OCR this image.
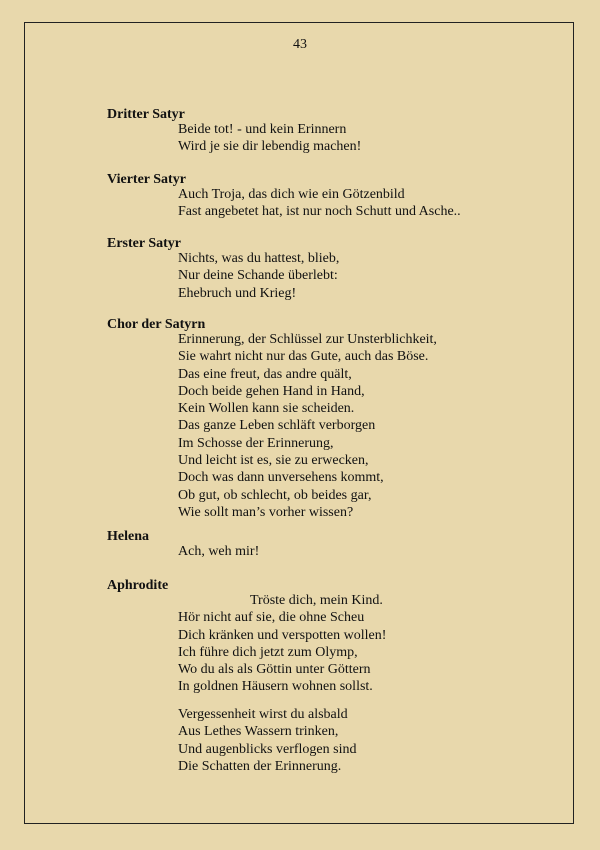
43
Dritter Satyr
Beide tot! - und kein Erinnern
Wird je sie dir lebendig machen!
Vierter Satyr
Auch Troja, das dich wie ein Götzenbild
Fast angebetet hat, ist nur noch Schutt und Asche..
Erster Satyr
Nichts, was du hattest, blieb,
Nur deine Schande überlebt:
Ehebruch und Krieg!
Chor der Satyrn
Erinnerung, der Schlüssel zur Unsterblichkeit,
Sie wahrt nicht nur das Gute, auch das Böse.
Das eine freut, das andre quält,
Doch beide gehen Hand in Hand,
Kein Wollen kann sie scheiden.
Das ganze Leben schläft verborgen
Im Schosse der Erinnerung,
Und leicht ist es, sie zu erwecken,
Doch was dann unversehens kommt,
Ob gut, ob schlecht, ob beides gar,
Wie sollt man’s vorher wissen?
Helena
Ach, weh mir!
Aphrodite
Tröste dich, mein Kind.
Hör nicht auf sie, die ohne Scheu
Dich kränken und verspotten wollen!
Ich führe dich jetzt zum Olymp,
Wo du als als Göttin unter Göttern
In goldnen Häusern wohnen sollst.
Vergessenheit wirst du alsbald
Aus Lethes Wassern trinken,
Und augenblicks verflogen sind
Die Schatten der Erinnerung.
